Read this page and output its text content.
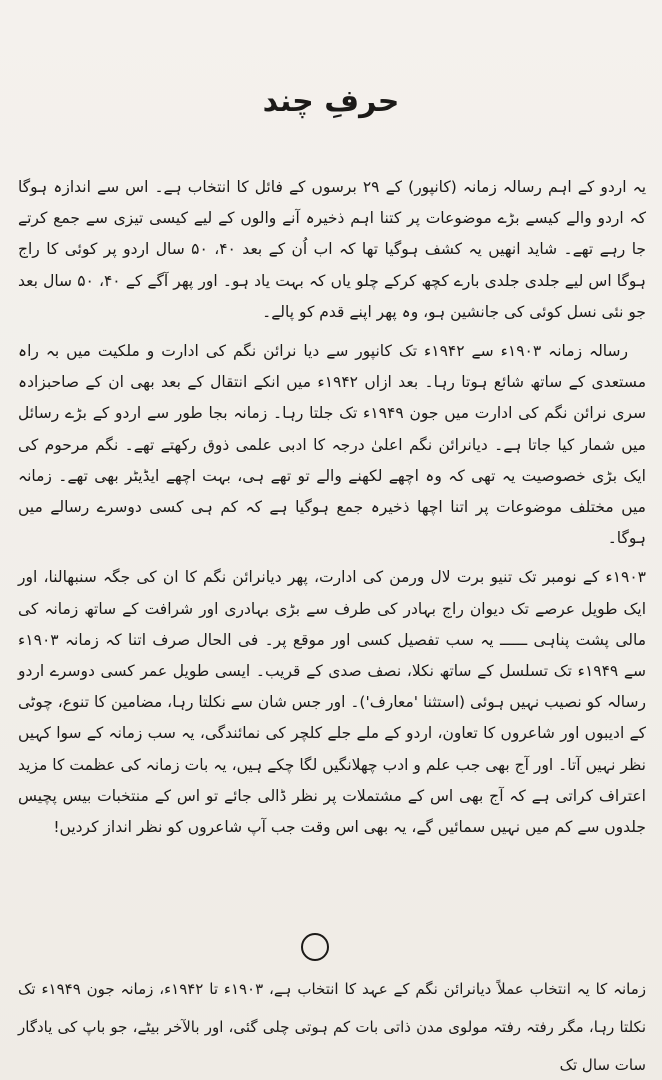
حرفِ چند

یہ اردو کے اہم رسالہ زمانہ (کانپور) کے ۲۹ برسوں کے فائل کا انتخاب ہے۔ اس سے اندازہ ہوگا کہ اردو والے کیسے بڑے موضوعات پر کتنا اہم ذخیرہ آنے والوں کے لیے کیسی تیزی سے جمع کرتے جا رہے تھے۔ شاید انھیں یہ کشف ہوگیا تھا کہ اب اُن کے بعد ۴۰، ۵۰ سال اردو پر کوئی کا راج ہوگا اس لیے جلدی جلدی بارے کچھ کرکے چلو یاں کہ بہت یاد ہو۔ اور پھر آگے کے ۴۰، ۵۰ سال بعد جو نئی نسل کوئی کی جانشین ہو، وہ پھر اپنے قدم کو پالے۔

رسالہ زمانہ ۱۹۰۳ء سے ۱۹۴۲ء تک کانپور سے دیا نرائن نگم کی ادارت و ملکیت میں بہ راہ مستعدی کے ساتھ شائع ہوتا رہا۔ بعد ازاں ۱۹۴۲ء میں انکے انتقال کے بعد بھی ان کے صاحبزادہ سری نرائن نگم کی ادارت میں جون ۱۹۴۹ء تک جلتا رہا۔ زمانہ بجا طور سے اردو کے بڑے رسائل میں شمار کیا جاتا ہے۔ دیانرائن نگم اعلیٰ درجہ کا ادبی علمی ذوق رکھتے تھے۔ نگم مرحوم کی ایک بڑی خصوصیت یہ تھی کہ وہ اچھے لکھنے والے تو تھے ہی، بہت اچھے ایڈیٹر بھی تھے۔ زمانہ میں مختلف موضوعات پر اتنا اچھا ذخیرہ جمع ہوگیا ہے کہ کم ہی کسی دوسرے رسالے میں ہوگا۔

۱۹۰۳ء کے نومبر تک تنیو برت لال ورمن کی ادارت، پھر دیانرائن نگم کا ان کی جگہ سنبھالنا، اور ایک طویل عرصے تک دیوان راج بہادر کی طرف سے بڑی بہادری اور شرافت کے ساتھ زمانہ کی مالی پشت پناہی ــــــ یہ سب تفصیل کسی اور موقع پر۔ فی الحال صرف اتنا کہ زمانہ ۱۹۰۳ء سے ۱۹۴۹ء تک تسلسل کے ساتھ نکلا، نصف صدی کے قریب۔ ایسی طویل عمر کسی دوسرے اردو رسالہ کو نصیب نہیں ہوئی (استثنا 'معارف')۔ اور جس شان سے نکلتا رہا، مضامین کا تنوع، چوٹی کے ادیبوں اور شاعروں کا تعاون، اردو کے ملے جلے کلچر کی نمائندگی، یہ سب زمانہ کے سوا کہیں نظر نہیں آتا۔ اور آج بھی جب علم و ادب چھلانگیں لگا چکے ہیں، یہ بات زمانہ کی عظمت کا مزید اعتراف کراتی ہے کہ آج بھی اس کے مشتملات پر نظر ڈالی جائے تو اس کے منتخبات بیس پچیس جلدوں سے کم میں نہیں سمائیں گے، یہ بھی اس وقت جب آپ شاعروں کو نظر انداز کردیں!

زمانہ کا یہ انتخاب عملاً دیانرائن نگم کے عہد کا انتخاب ہے، ۱۹۰۳ء تا ۱۹۴۲ء، زمانہ جون ۱۹۴۹ء تک نکلتا رہا، مگر رفتہ رفتہ مولوی مدن ذاتی بات کم ہوتی چلی گئی، اور بالآخر بیٹے، جو باپ کی یادگار سات سال تک
